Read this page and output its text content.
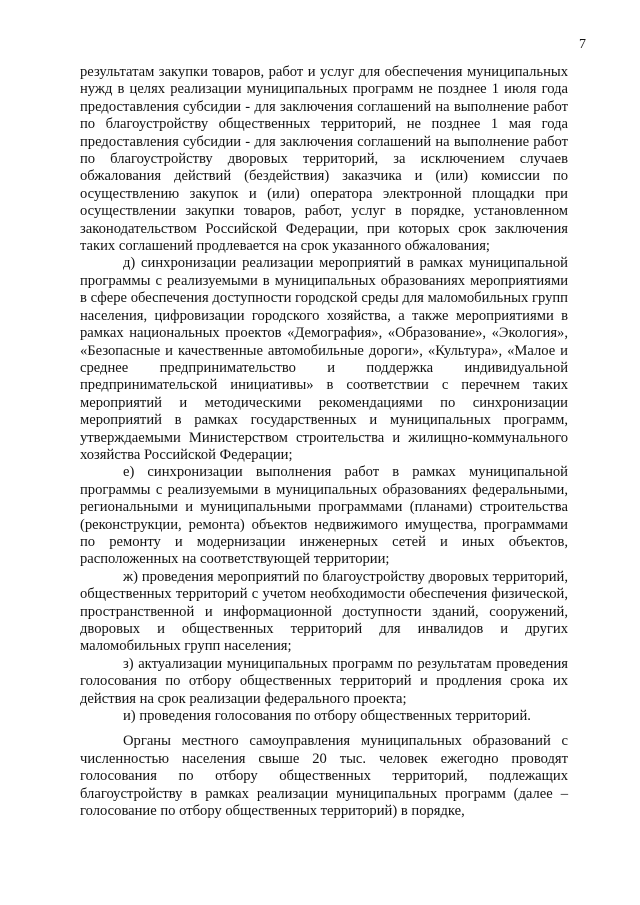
7

результатам закупки товаров, работ и услуг для обеспечения муниципальных нужд в целях реализации муниципальных программ не позднее 1 июля года предоставления субсидии - для заключения соглашений на выполнение работ по благоустройству общественных территорий, не позднее 1 мая года предоставления субсидии - для заключения соглашений на выполнение работ по благоустройству дворовых территорий, за исключением случаев обжалования действий (бездействия) заказчика и (или) комиссии по осуществлению закупок и (или) оператора электронной площадки при осуществлении закупки товаров, работ, услуг в порядке, установленном законодательством Российской Федерации, при которых срок заключения таких соглашений продлевается на срок указанного обжалования;

д) синхронизации реализации мероприятий в рамках муниципальной программы с реализуемыми в муниципальных образованиях мероприятиями в сфере обеспечения доступности городской среды для маломобильных групп населения, цифровизации городского хозяйства, а также мероприятиями в рамках национальных проектов «Демография», «Образование», «Экология», «Безопасные и качественные автомобильные дороги», «Культура», «Малое и среднее предпринимательство и поддержка индивидуальной предпринимательской инициативы» в соответствии с перечнем таких мероприятий и методическими рекомендациями по синхронизации мероприятий в рамках государственных и муниципальных программ, утверждаемыми Министерством строительства и жилищно-коммунального хозяйства Российской Федерации;

е) синхронизации выполнения работ в рамках муниципальной программы с реализуемыми в муниципальных образованиях федеральными, региональными и муниципальными программами (планами) строительства (реконструкции, ремонта) объектов недвижимого имущества, программами по ремонту и модернизации инженерных сетей и иных объектов, расположенных на соответствующей территории;

ж) проведения мероприятий по благоустройству дворовых территорий, общественных территорий с учетом необходимости обеспечения физической, пространственной и информационной доступности зданий, сооружений, дворовых и общественных территорий для инвалидов и других маломобильных групп населения;

з) актуализации муниципальных программ по результатам проведения голосования по отбору общественных территорий и продления срока их действия на срок реализации федерального проекта;

и) проведения голосования по отбору общественных территорий.

Органы местного самоуправления муниципальных образований с численностью населения свыше 20 тыс. человек ежегодно проводят голосования по отбору общественных территорий, подлежащих благоустройству в рамках реализации муниципальных программ (далее – голосование по отбору общественных территорий) в порядке,
